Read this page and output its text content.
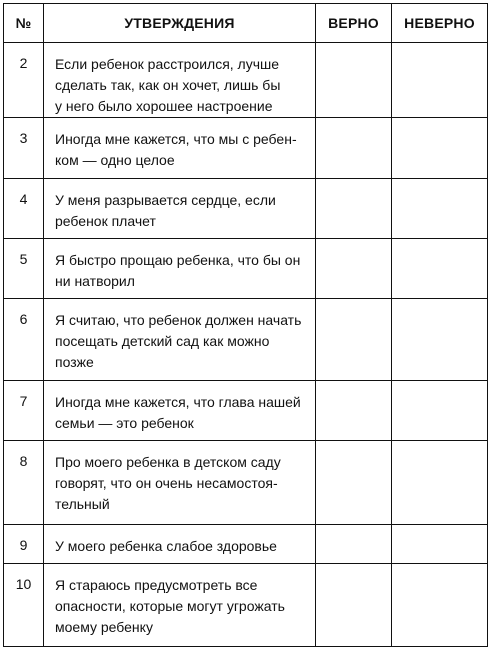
№	УТВЕРЖДЕНИЯ	ВЕРНО	НЕВЕРНО
2	Если ребенок расстроился, лучше
сделать так, как он хочет, лишь бы
у него было хорошее настроение		
3	Иногда мне кажется, что мы с ребен-
ком — одно целое		
4	У меня разрывается сердце, если
ребенок плачет		
5	Я быстро прощаю ребенка, что бы он
ни натворил		
6	Я считаю, что ребенок должен начать
посещать детский сад как можно
позже		
7	Иногда мне кажется, что глава нашей
семьи — это ребенок		
8	Про моего ребенка в детском саду
говорят, что он очень несамостоя-
тельный		
9	У моего ребенка слабое здоровье		
10	Я стараюсь предусмотреть все
опасности, которые могут угрожать
моему ребенку		
